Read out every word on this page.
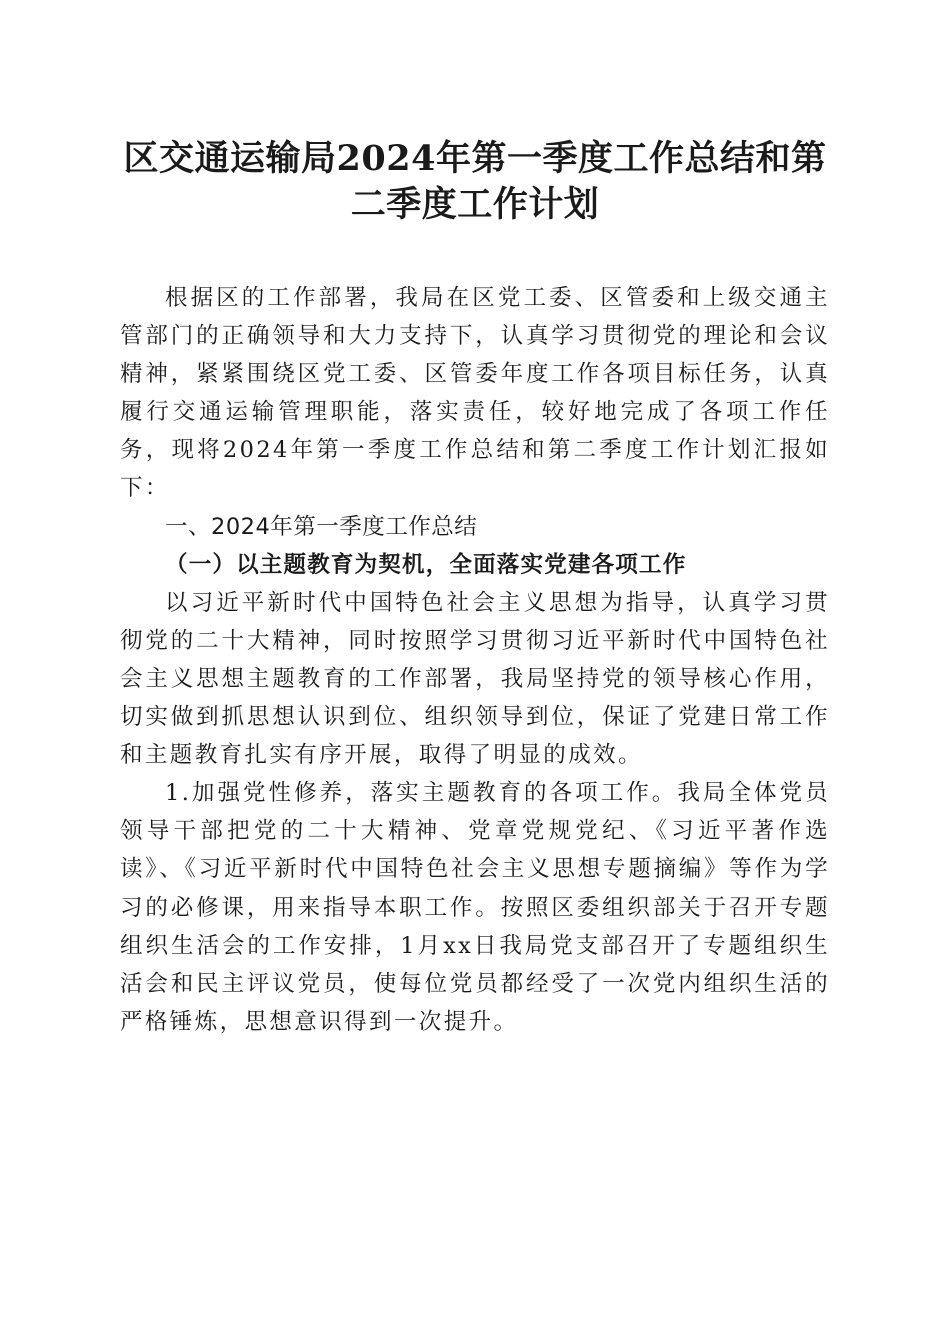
区交通运输局2024年第一季度工作总结和第
二季度工作计划

根据区的工作部署，我局在区党工委、区管委和上级交通主管部门的正确领导和大力支持下，认真学习贯彻党的理论和会议精神，紧紧围绕区党工委、区管委年度工作各项目标任务，认真履行交通运输管理职能，落实责任，较好地完成了各项工作任务，现将2024年第一季度工作总结和第二季度工作计划汇报如下：

一、2024年第一季度工作总结

（一）以主题教育为契机，全面落实党建各项工作

以习近平新时代中国特色社会主义思想为指导，认真学习贯彻党的二十大精神，同时按照学习贯彻习近平新时代中国特色社会主义思想主题教育的工作部署，我局坚持党的领导核心作用，切实做到抓思想认识到位、组织领导到位，保证了党建日常工作和主题教育扎实有序开展，取得了明显的成效。

1.加强党性修养，落实主题教育的各项工作。我局全体党员领导干部把党的二十大精神、党章党规党纪、《习近平著作选读》、《习近平新时代中国特色社会主义思想专题摘编》等作为学习的必修课，用来指导本职工作。按照区委组织部关于召开专题组织生活会的工作安排，1月xx日我局党支部召开了专题组织生活会和民主评议党员，使每位党员都经受了一次党内组织生活的严格锤炼，思想意识得到一次提升。
